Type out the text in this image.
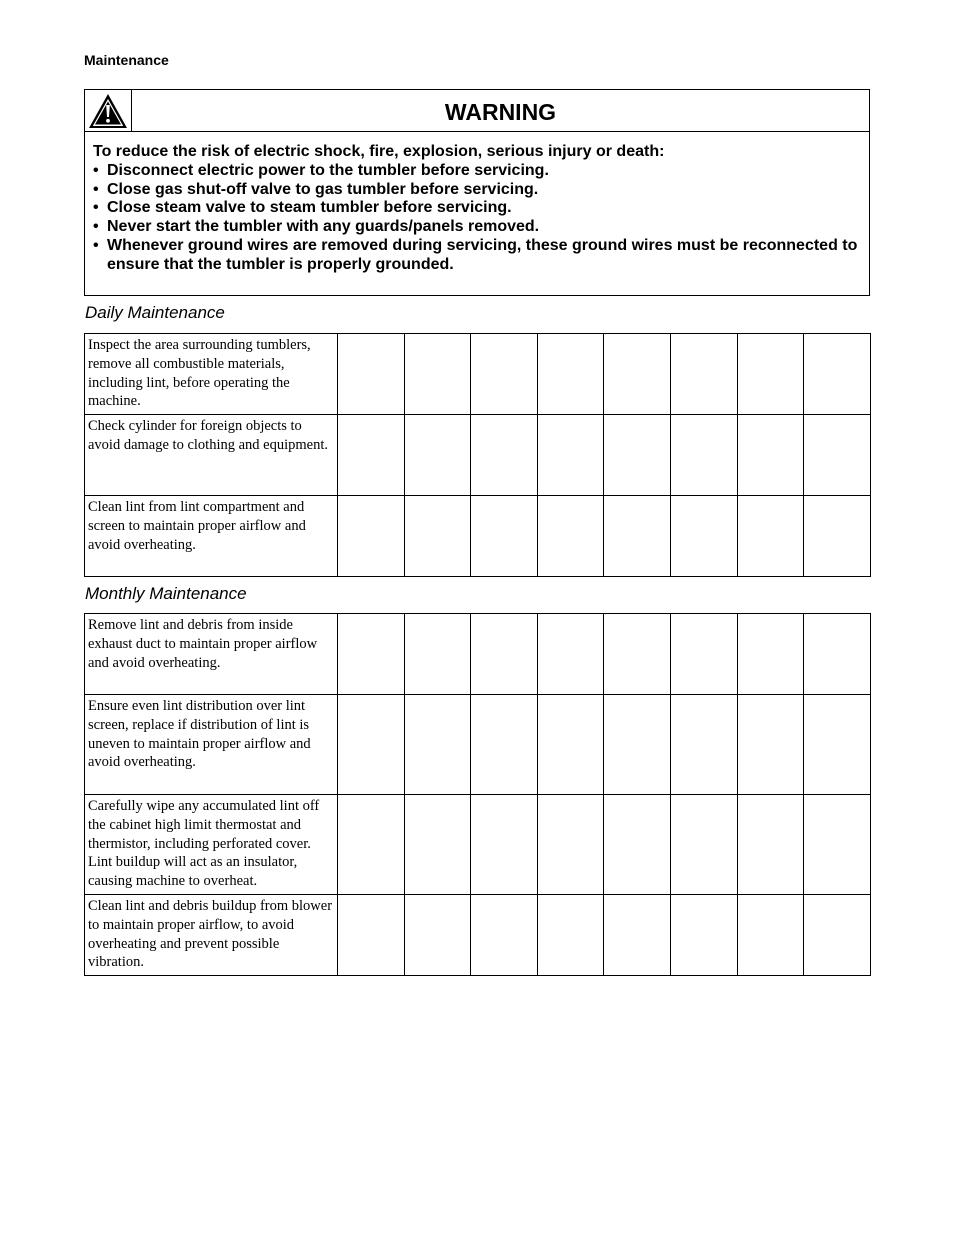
Maintenance
WARNING
To reduce the risk of electric shock, fire, explosion, serious injury or death:
• Disconnect electric power to the tumbler before servicing.
• Close gas shut-off valve to gas tumbler before servicing.
• Close steam valve to steam tumbler before servicing.
• Never start the tumbler with any guards/panels removed.
• Whenever ground wires are removed during servicing, these ground wires must be reconnected to ensure that the tumbler is properly grounded.
Daily Maintenance
Inspect the area surrounding tumblers, remove all combustible materials, including lint, before operating the machine.								
Check cylinder for foreign objects to avoid damage to clothing and equipment.								
Clean lint from lint compartment and screen to maintain proper airflow and avoid overheating.								
Monthly Maintenance
Remove lint and debris from inside exhaust duct to maintain proper airflow and avoid overheating.								
Ensure even lint distribution over lint screen, replace if distribution of lint is uneven to maintain proper airflow and avoid overheating.								
Carefully wipe any accumulated lint off the cabinet high limit thermostat and thermistor, including perforated cover. Lint buildup will act as an insulator, causing machine to overheat.								
Clean lint and debris buildup from blower to maintain proper airflow, to avoid overheating and prevent possible vibration.								
